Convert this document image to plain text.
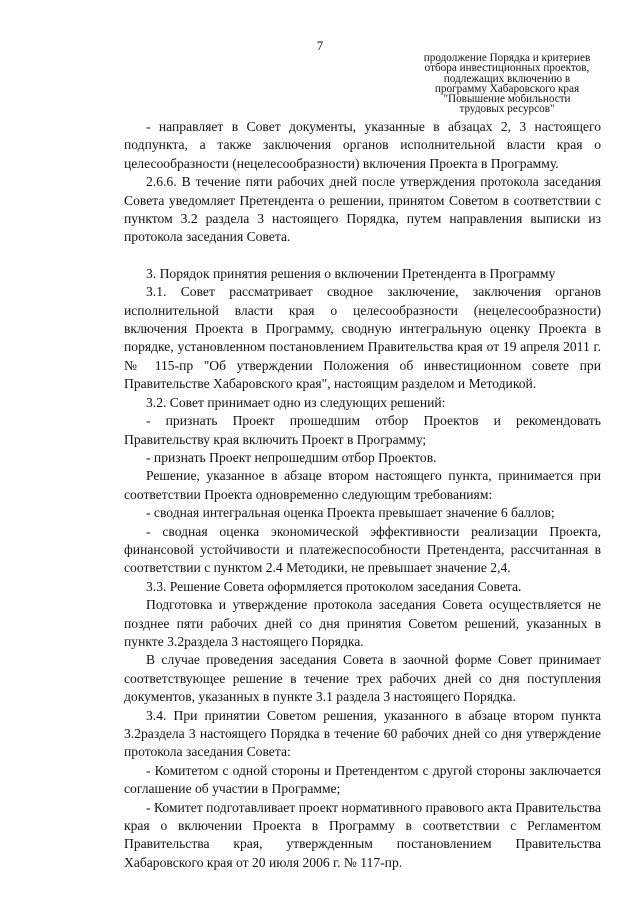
7
продолжение Порядка и критериев
отбора инвестиционных проектов,
подлежащих включению в
программу Хабаровского края
"Повышение мобильности
трудовых ресурсов"

- направляет в Совет документы, указанные в абзацах 2, 3 настоящего подпункта, а также заключения органов исполнительной власти края о целесообразности (нецелесообразности) включения Проекта в Программу.

2.6.6. В течение пяти рабочих дней после утверждения протокола заседания Совета уведомляет Претендента о решении, принятом Советом в соответствии с пунктом 3.2 раздела 3 настоящего Порядка, путем направления выписки из протокола заседания Совета.

3. Порядок принятия решения о включении Претендента в Программу

3.1. Совет рассматривает сводное заключение, заключения органов исполнительной власти края о целесообразности (нецелесообразности) включения Проекта в Программу, сводную интегральную оценку Проекта в порядке, установленном постановлением Правительства края от 19 апреля 2011 г. № 115-пр "Об утверждении Положения об инвестиционном совете при Правительстве Хабаровского края", настоящим разделом и Методикой.

3.2. Совет принимает одно из следующих решений:

- признать Проект прошедшим отбор Проектов и рекомендовать Правительству края включить Проект в Программу;

- признать Проект непрошедшим отбор Проектов.

Решение, указанное в абзаце втором настоящего пункта, принимается при соответствии Проекта одновременно следующим требованиям:

- сводная интегральная оценка Проекта превышает значение 6 баллов;

- сводная оценка экономической эффективности реализации Проекта, финансовой устойчивости и платежеспособности Претендента, рассчитанная в соответствии с пунктом 2.4 Методики, не превышает значение 2,4.

3.3. Решение Совета оформляется протоколом заседания Совета.

Подготовка и утверждение протокола заседания Совета осуществляется не позднее пяти рабочих дней со дня принятия Советом решений, указанных в пункте 3.2раздела 3 настоящего Порядка.

В случае проведения заседания Совета в заочной форме Совет принимает соответствующее решение в течение трех рабочих дней со дня поступления документов, указанных в пункте 3.1 раздела 3 настоящего Порядка.

3.4. При принятии Советом решения, указанного в абзаце втором пункта 3.2раздела 3 настоящего Порядка в течение 60 рабочих дней со дня утверждение протокола заседания Совета:

- Комитетом с одной стороны и Претендентом с другой стороны заключается соглашение об участии в Программе;

- Комитет подготавливает проект нормативного правового акта Правительства края о включении Проекта в Программу в соответствии с Регламентом Правительства края, утвержденным постановлением Правительства Хабаровского края от 20 июля 2006 г. № 117-пр.
